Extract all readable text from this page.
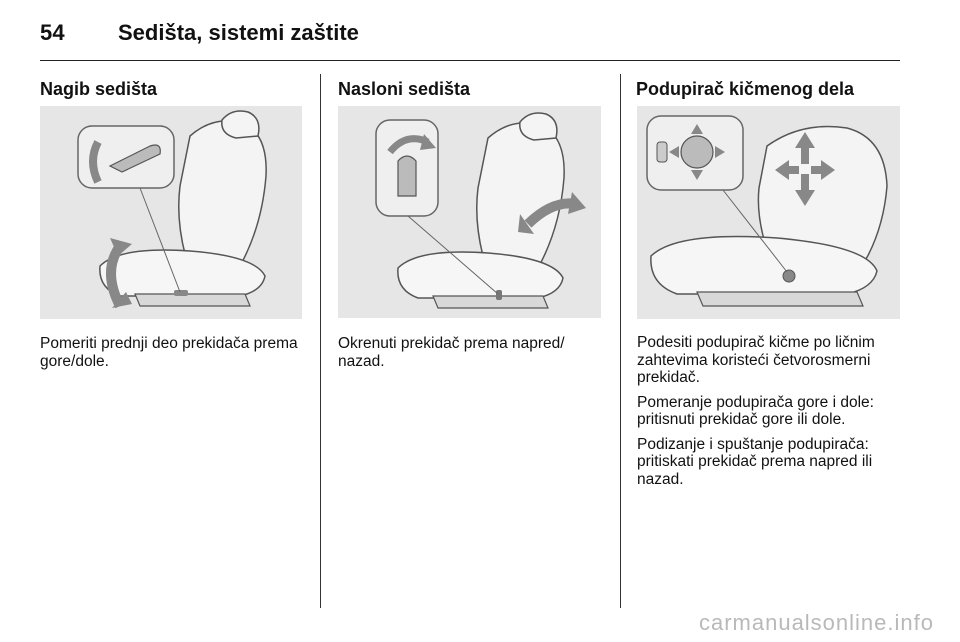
54 Sedišta, sistemi zaštite
Nagib sedišta

Pomeriti prednji deo prekidača prema gore/dole.

Nasloni sedišta

Okrenuti prekidač prema napred/ nazad.

Podupirač kičmenog dela

Podesiti podupirač kičme po ličnim zahtevima koristeći četvorosmerni prekidač.

Pomeranje podupirača gore i dole: pritisnuti prekidač gore ili dole.

Podizanje i spuštanje podupirača: pritiskati prekidač prema napred ili nazad.

carmanualsonline.info
